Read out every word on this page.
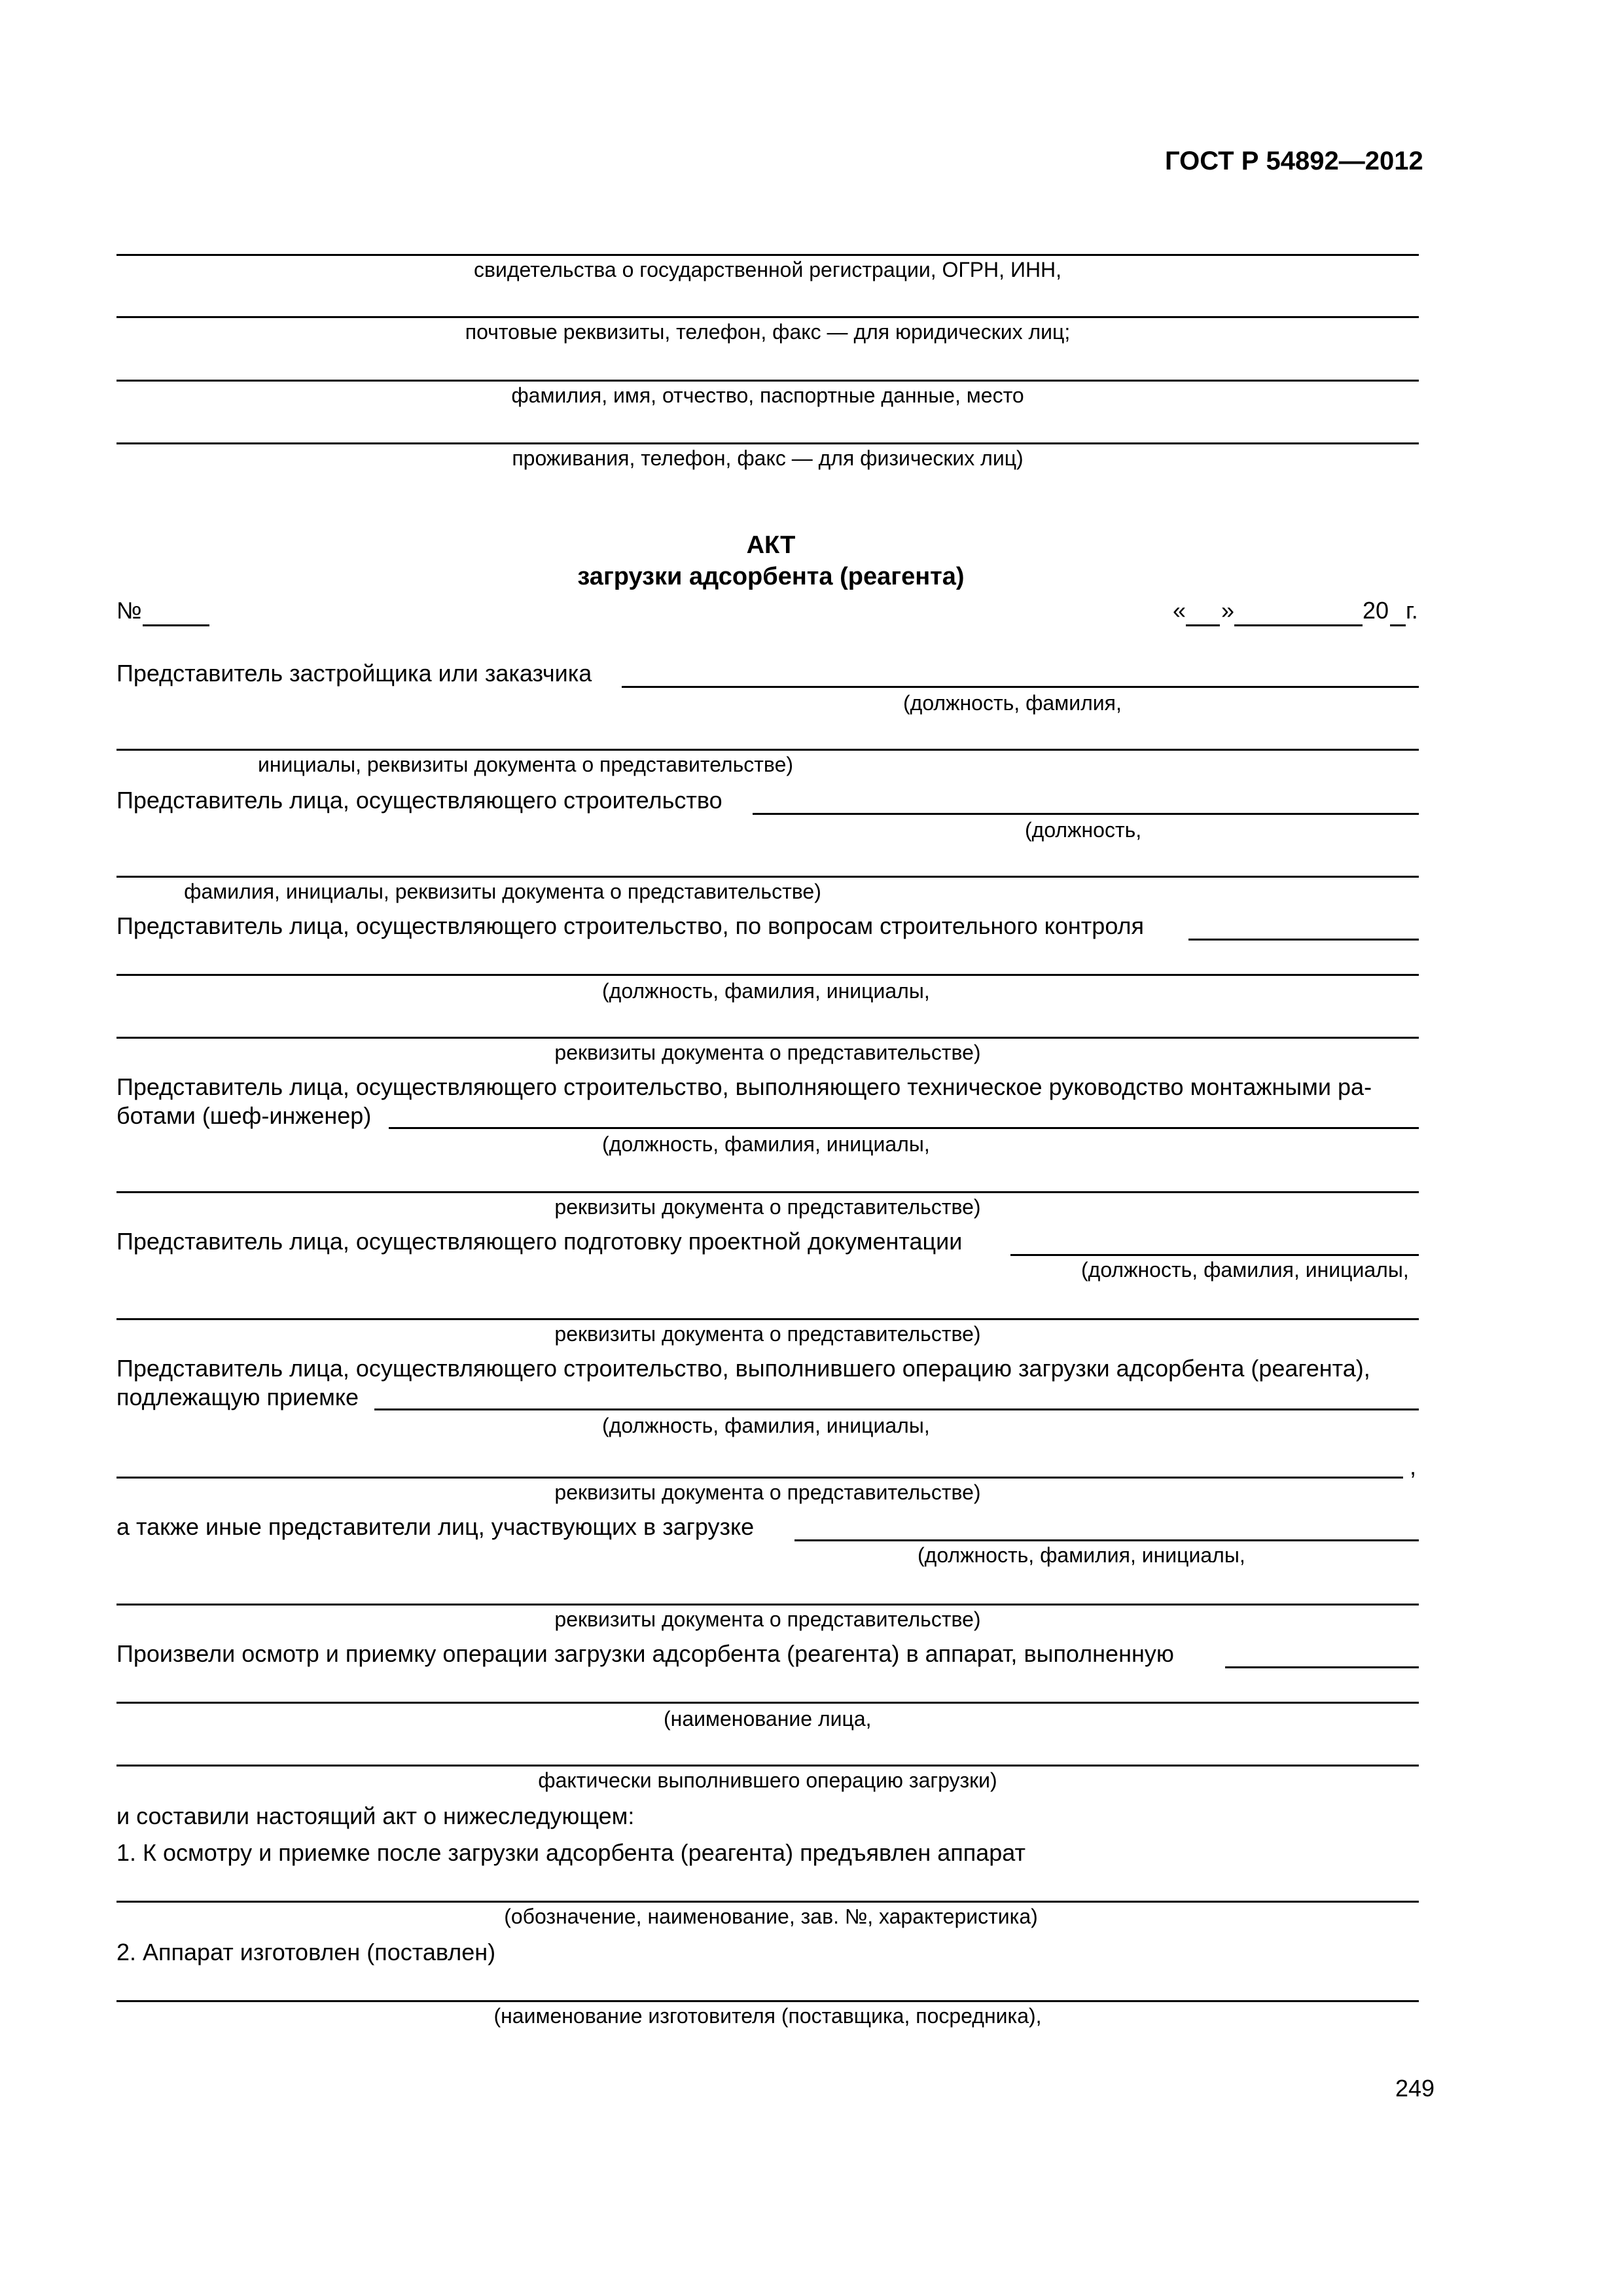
ГОСТ Р 54892—2012
свидетельства о государственной регистрации, ОГРН, ИНН,
почтовые реквизиты, телефон, факс — для юридических лиц;
фамилия, имя, отчество, паспортные данные, место
проживания, телефон, факс — для физических лиц)
АКТ
загрузки адсорбента (реагента)
№	« »	20 г.
Представитель застройщика или заказчика
(должность, фамилия,
инициалы, реквизиты документа о представительстве)
Представитель лица, осуществляющего строительство
(должность,
фамилия, инициалы, реквизиты документа о представительстве)
Представитель лица, осуществляющего строительство, по вопросам строительного контроля
(должность, фамилия, инициалы,
реквизиты документа о представительстве)
Представитель лица, осуществляющего строительство, выполняющего техническое руководство монтажными ра-
ботами (шеф-инженер)
(должность, фамилия, инициалы,
реквизиты документа о представительстве)
Представитель лица, осуществляющего подготовку проектной документации
(должность, фамилия, инициалы,
реквизиты документа о представительстве)
Представитель лица, осуществляющего строительство, выполнившего операцию загрузки адсорбента (реагента),
подлежащую приемке
(должность, фамилия, инициалы,
,
реквизиты документа о представительстве)
а также иные представители лиц, участвующих в загрузке
(должность, фамилия, инициалы,
реквизиты документа о представительстве)
Произвели осмотр и приемку операции загрузки адсорбента (реагента) в аппарат, выполненную
(наименование лица,
фактически выполнившего операцию загрузки)
и составили настоящий акт о нижеследующем:
1. К осмотру и приемке после загрузки адсорбента (реагента) предъявлен аппарат
(обозначение, наименование, зав. №, характеристика)
2. Аппарат изготовлен (поставлен)
(наименование изготовителя (поставщика, посредника),
249
